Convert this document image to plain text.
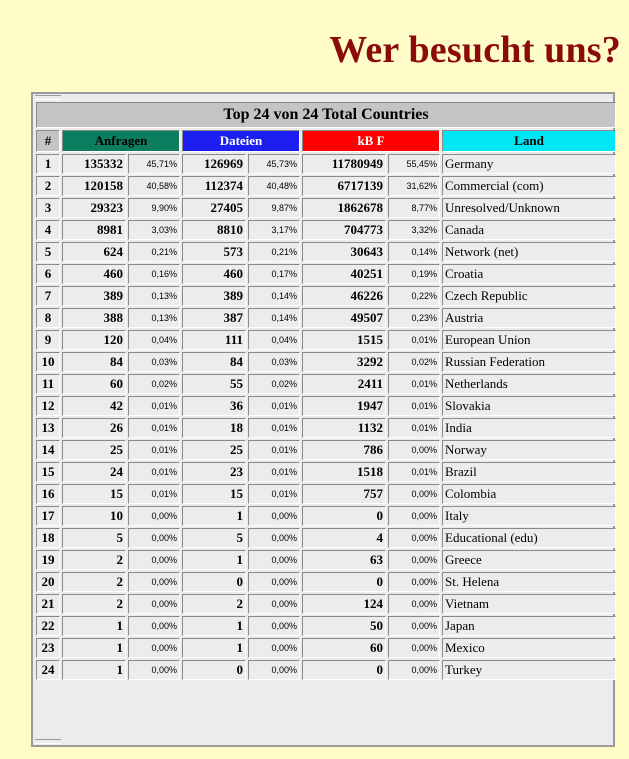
Wer besucht uns?
Top 24 von 24 Total Countries							
#	Anfragen		Dateien		kB F		Land
1	135332	45,71%	126969	45,73%	11780949	55,45%	Germany
2	120158	40,58%	112374	40,48%	6717139	31,62%	Commercial (com)
3	29323	9,90%	27405	9,87%	1862678	8,77%	Unresolved/Unknown
4	8981	3,03%	8810	3,17%	704773	3,32%	Canada
5	624	0,21%	573	0,21%	30643	0,14%	Network (net)
6	460	0,16%	460	0,17%	40251	0,19%	Croatia
7	389	0,13%	389	0,14%	46226	0,22%	Czech Republic
8	388	0,13%	387	0,14%	49507	0,23%	Austria
9	120	0,04%	111	0,04%	1515	0,01%	European Union
10	84	0,03%	84	0,03%	3292	0,02%	Russian Federation
11	60	0,02%	55	0,02%	2411	0,01%	Netherlands
12	42	0,01%	36	0,01%	1947	0,01%	Slovakia
13	26	0,01%	18	0,01%	1132	0,01%	India
14	25	0,01%	25	0,01%	786	0,00%	Norway
15	24	0,01%	23	0,01%	1518	0,01%	Brazil
16	15	0,01%	15	0,01%	757	0,00%	Colombia
17	10	0,00%	1	0,00%	0	0,00%	Italy
18	5	0,00%	5	0,00%	4	0,00%	Educational (edu)
19	2	0,00%	1	0,00%	63	0,00%	Greece
20	2	0,00%	0	0,00%	0	0,00%	St. Helena
21	2	0,00%	2	0,00%	124	0,00%	Vietnam
22	1	0,00%	1	0,00%	50	0,00%	Japan
23	1	0,00%	1	0,00%	60	0,00%	Mexico
24	1	0,00%	0	0,00%	0	0,00%	Turkey
